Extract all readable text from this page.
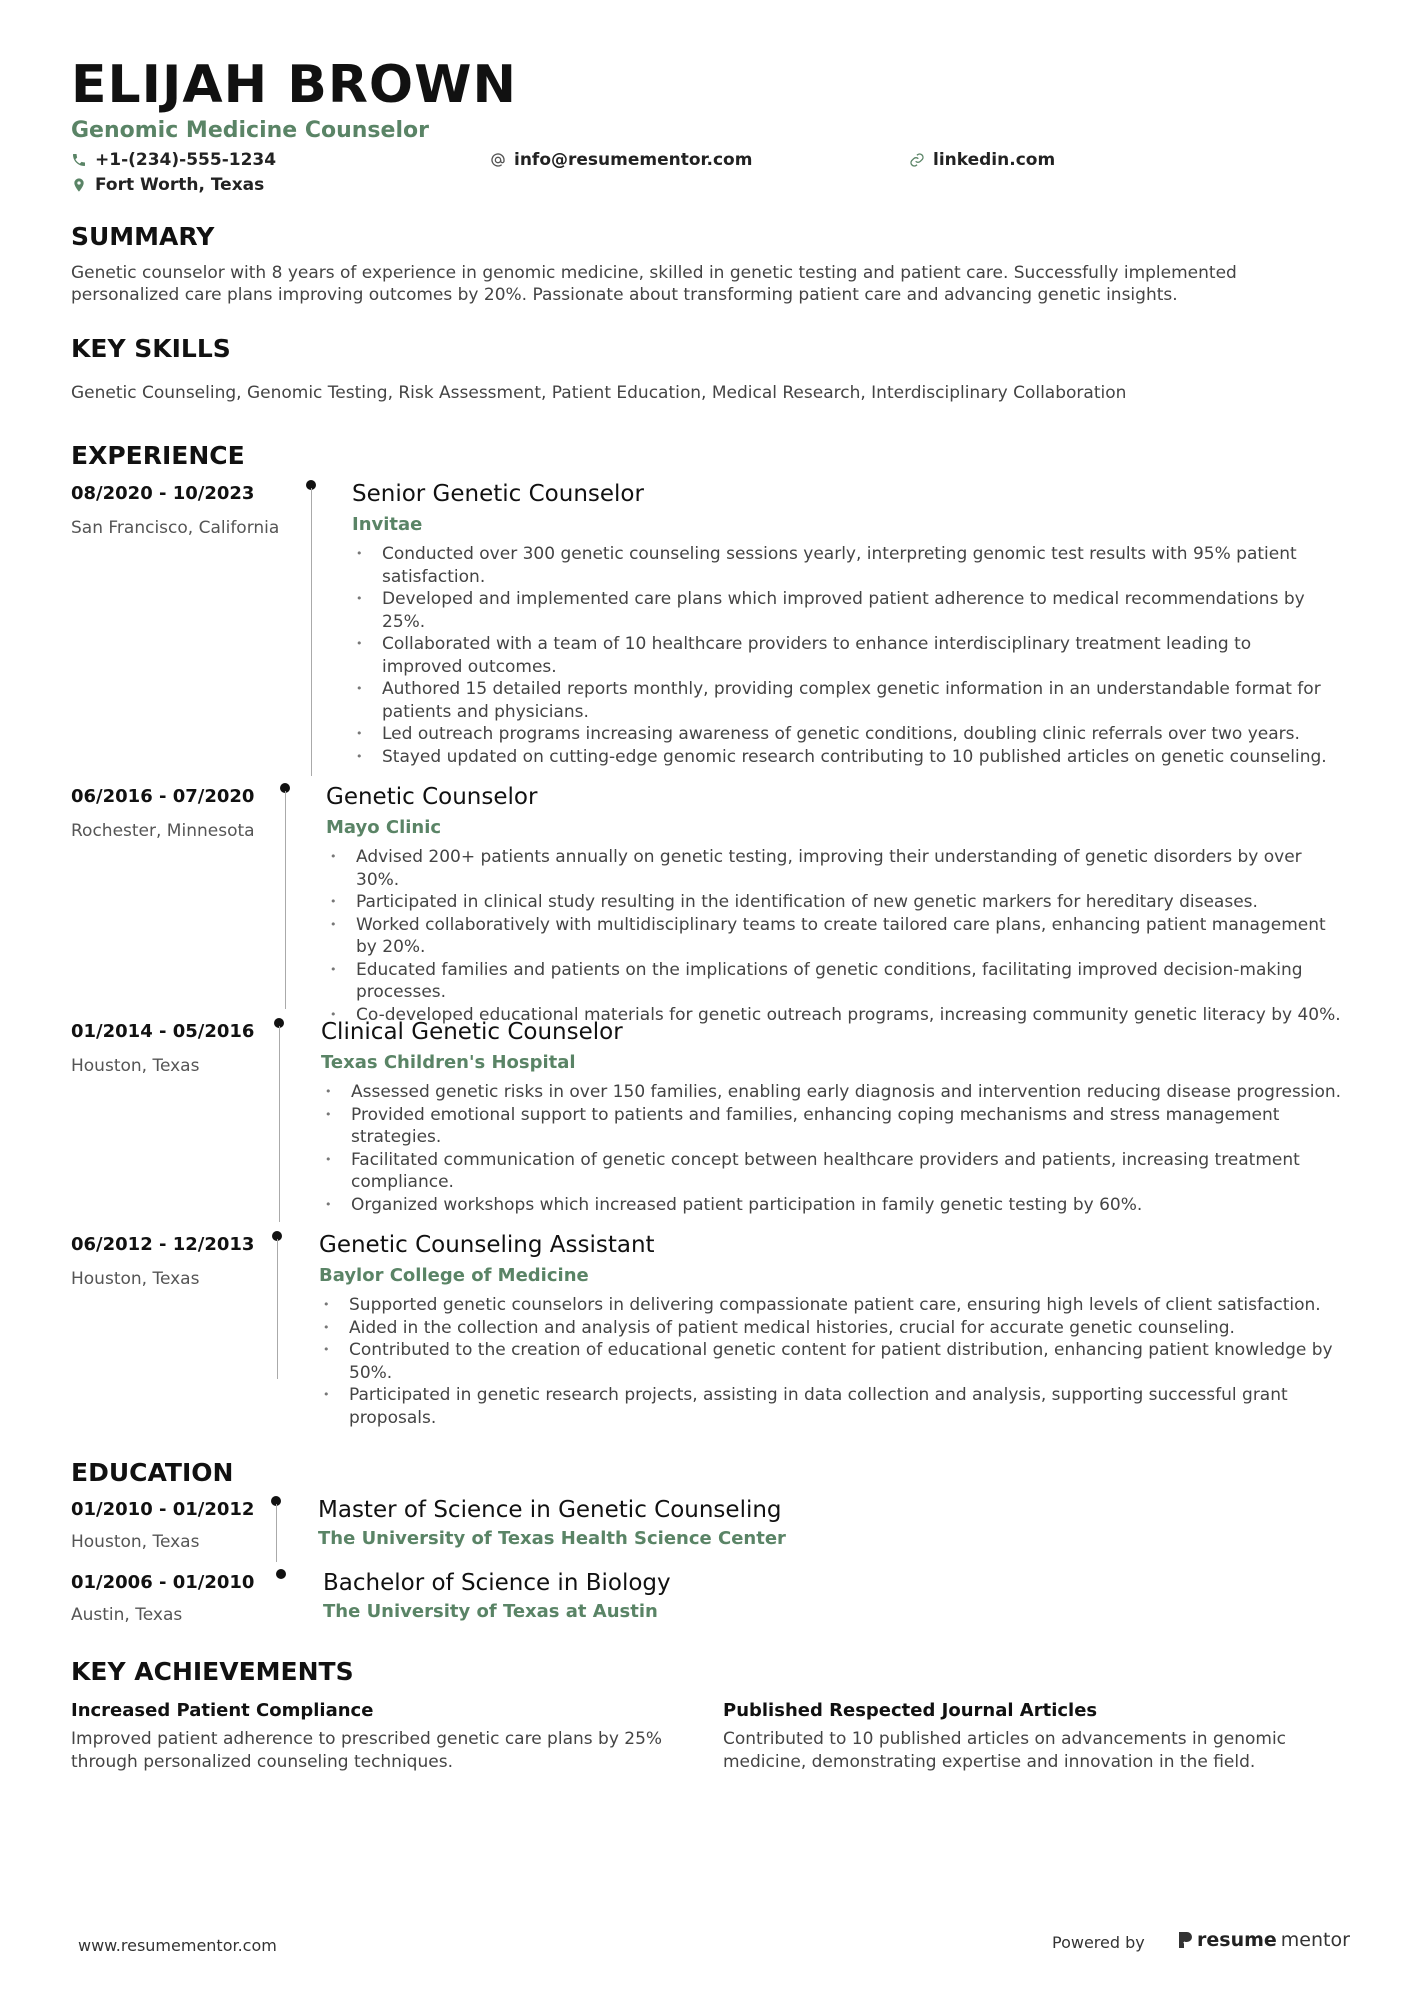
ELIJAH BROWN
Genomic Medicine Counselor
+1-(234)-555-1234	info@resumementor.com	linkedin.com
Fort Worth, Texas
SUMMARY
Genetic counselor with 8 years of experience in genomic medicine, skilled in genetic testing and patient care. Successfully implemented personalized care plans improving outcomes by 20%. Passionate about transforming patient care and advancing genetic insights.
KEY SKILLS
Genetic Counseling, Genomic Testing, Risk Assessment, Patient Education, Medical Research, Interdisciplinary Collaboration
EXPERIENCE
08/2020 - 10/2023
San Francisco, California
Senior Genetic Counselor
Invitae
• Conducted over 300 genetic counseling sessions yearly, interpreting genomic test results with 95% patient satisfaction.
• Developed and implemented care plans which improved patient adherence to medical recommendations by 25%.
• Collaborated with a team of 10 healthcare providers to enhance interdisciplinary treatment leading to improved outcomes.
• Authored 15 detailed reports monthly, providing complex genetic information in an understandable format for patients and physicians.
• Led outreach programs increasing awareness of genetic conditions, doubling clinic referrals over two years.
• Stayed updated on cutting-edge genomic research contributing to 10 published articles on genetic counseling.
06/2016 - 07/2020
Rochester, Minnesota
Genetic Counselor
Mayo Clinic
• Advised 200+ patients annually on genetic testing, improving their understanding of genetic disorders by over 30%.
• Participated in clinical study resulting in the identification of new genetic markers for hereditary diseases.
• Worked collaboratively with multidisciplinary teams to create tailored care plans, enhancing patient management by 20%.
• Educated families and patients on the implications of genetic conditions, facilitating improved decision-making processes.
• Co-developed educational materials for genetic outreach programs, increasing community genetic literacy by 40%.
01/2014 - 05/2016
Houston, Texas
Clinical Genetic Counselor
Texas Children's Hospital
• Assessed genetic risks in over 150 families, enabling early diagnosis and intervention reducing disease progression.
• Provided emotional support to patients and families, enhancing coping mechanisms and stress management strategies.
• Facilitated communication of genetic concept between healthcare providers and patients, increasing treatment compliance.
• Organized workshops which increased patient participation in family genetic testing by 60%.
06/2012 - 12/2013
Houston, Texas
Genetic Counseling Assistant
Baylor College of Medicine
• Supported genetic counselors in delivering compassionate patient care, ensuring high levels of client satisfaction.
• Aided in the collection and analysis of patient medical histories, crucial for accurate genetic counseling.
• Contributed to the creation of educational genetic content for patient distribution, enhancing patient knowledge by 50%.
• Participated in genetic research projects, assisting in data collection and analysis, supporting successful grant proposals.
EDUCATION
01/2010 - 01/2012
Houston, Texas
Master of Science in Genetic Counseling
The University of Texas Health Science Center
01/2006 - 01/2010
Austin, Texas
Bachelor of Science in Biology
The University of Texas at Austin
KEY ACHIEVEMENTS
Increased Patient Compliance
Improved patient adherence to prescribed genetic care plans by 25% through personalized counseling techniques.
Published Respected Journal Articles
Contributed to 10 published articles on advancements in genomic medicine, demonstrating expertise and innovation in the field.
www.resumementor.com	Powered by	resume mentor
